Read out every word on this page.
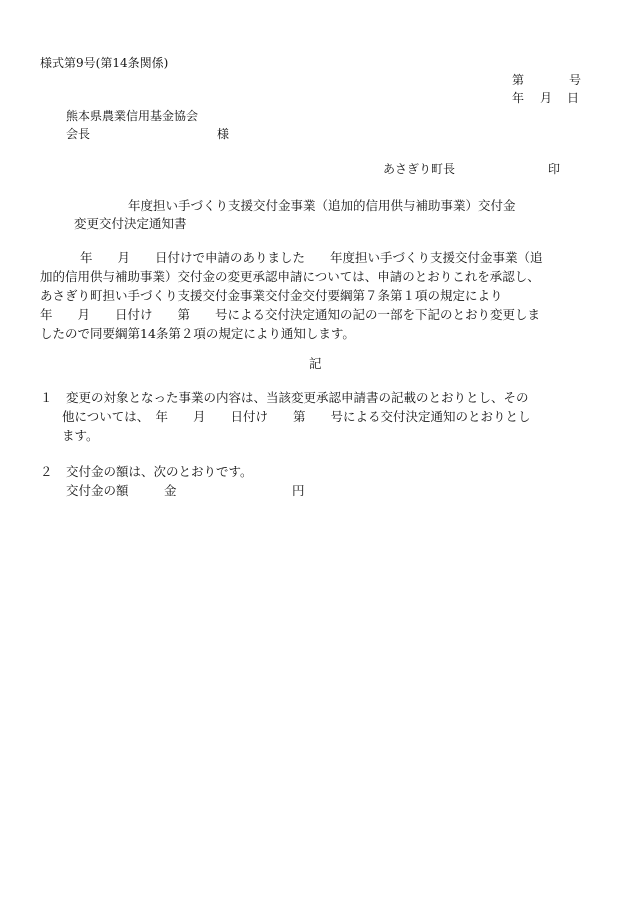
様式第9号(第14条関係)
第	号
年 月 日
熊本県農業信用基金協会
会長	様
あさぎり町長	印
年度担い手づくり支援交付金事業（追加的信用供与補助事業）交付金
変更交付決定通知書
年　　月　　日付けで申請のありました　　年度担い手づくり支援交付金事業（追
加的信用供与補助事業）交付金の変更承認申請については、申請のとおりこれを承認し、
あさぎり町担い手づくり支援交付金事業交付金交付要綱第７条第１項の規定により
年　　月　　日付け　　第　　号による交付決定通知の記の一部を下記のとおり変更しま
したので同要綱第14条第２項の規定により通知します。
記
１ 変更の対象となった事業の内容は、当該変更承認申請書の記載のとおりとし、その
他については、　年　　月　　日付け　　第　　号による交付決定通知のとおりとし
ます。
２ 交付金の額は、次のとおりです。
交付金の額	金	円
